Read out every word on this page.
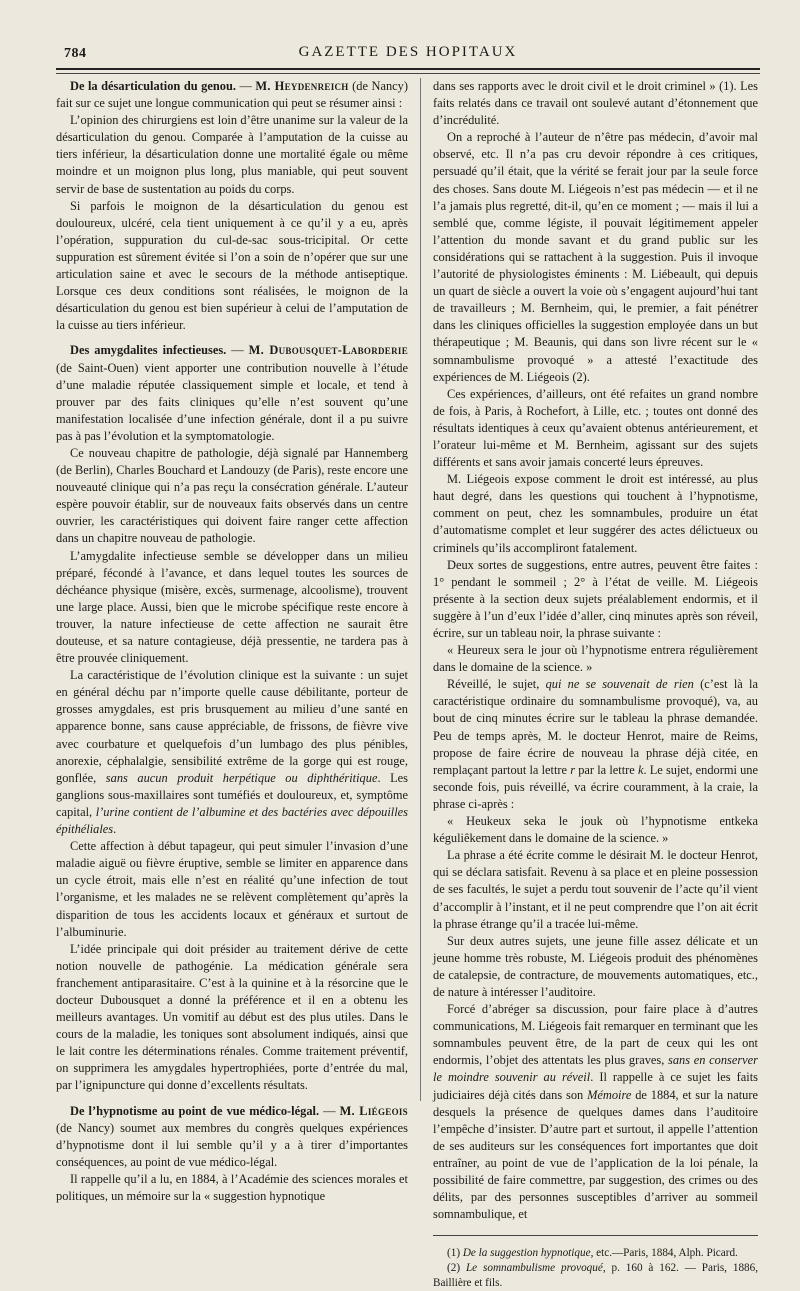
784	GAZETTE DES HOPITAUX

De la désarticulation du genou. — M. Heydenreich (de Nancy) fait sur ce sujet une longue communication qui peut se résumer ainsi :

L’opinion des chirurgiens est loin d’être unanime sur la valeur de la désarticulation du genou. Comparée à l’amputation de la cuisse au tiers inférieur, la désarticulation donne une mortalité égale ou même moindre et un moignon plus long, plus maniable, qui peut souvent servir de base de sustentation au poids du corps.

Si parfois le moignon de la désarticulation du genou est douloureux, ulcéré, cela tient uniquement à ce qu’il y a eu, après l’opération, suppuration du cul-de-sac sous-tricipital. Or cette suppuration est sûrement évitée si l’on a soin de n’opérer que sur une articulation saine et avec le secours de la méthode antiseptique. Lorsque ces deux conditions sont réalisées, le moignon de la désarticulation du genou est bien supérieur à celui de l’amputation de la cuisse au tiers inférieur.

Des amygdalites infectieuses. — M. Dubousquet-Laborderie (de Saint-Ouen) vient apporter une contribution nouvelle à l’étude d’une maladie réputée classiquement simple et locale, et tend à prouver par des faits cliniques qu’elle n’est souvent qu’une manifestation localisée d’une infection générale, dont il a pu suivre pas à pas l’évolution et la symptomatologie.

Ce nouveau chapitre de pathologie, déjà signalé par Hannemberg (de Berlin), Charles Bouchard et Landouzy (de Paris), reste encore une nouveauté clinique qui n’a pas reçu la consécration générale. L’auteur espère pouvoir établir, sur de nouveaux faits observés dans un centre ouvrier, les caractéristiques qui doivent faire ranger cette affection dans un chapitre nouveau de pathologie.

L’amygdalite infectieuse semble se développer dans un milieu préparé, fécondé à l’avance, et dans lequel toutes les sources de déchéance physique (misère, excès, surmenage, alcoolisme), trouvent une large place. Aussi, bien que le microbe spécifique reste encore à trouver, la nature infectieuse de cette affection ne saurait être douteuse, et sa nature contagieuse, déjà pressentie, ne tardera pas à être prouvée cliniquement.

La caractéristique de l’évolution clinique est la suivante : un sujet en général déchu par n’importe quelle cause débilitante, porteur de grosses amygdales, est pris brusquement au milieu d’une santé en apparence bonne, sans cause appréciable, de frissons, de fièvre vive avec courbature et quelquefois d’un lumbago des plus pénibles, anorexie, céphalalgie, sensibilité extrême de la gorge qui est rouge, gonflée, sans aucun produit herpétique ou diphthéritique. Les ganglions sous-maxillaires sont tuméfiés et douloureux, et, symptôme capital, l’urine contient de l’albumine et des bactéries avec dépouilles épithéliales.

Cette affection à début tapageur, qui peut simuler l’invasion d’une maladie aiguë ou fièvre éruptive, semble se limiter en apparence dans un cycle étroit, mais elle n’est en réalité qu’une infection de tout l’organisme, et les malades ne se relèvent complètement qu’après la disparition de tous les accidents locaux et généraux et surtout de l’albuminurie.

L’idée principale qui doit présider au traitement dérive de cette notion nouvelle de pathogénie. La médication générale sera franchement antiparasitaire. C’est à la quinine et à la résorcine que le docteur Dubousquet a donné la préférence et il en a obtenu les meilleurs avantages. Un vomitif au début est des plus utiles. Dans le cours de la maladie, les toniques sont absolument indiqués, ainsi que le lait contre les déterminations rénales. Comme traitement préventif, on supprimera les amygdales hypertrophiées, porte d’entrée du mal, par l’ignipuncture qui donne d’excellents résultats.

De l’hypnotisme au point de vue médico-légal. — M. Liégeois (de Nancy) soumet aux membres du congrès quelques expériences d’hypnotisme dont il lui semble qu’il y a à tirer d’importantes conséquences, au point de vue médico-légal.

Il rappelle qu’il a lu, en 1884, à l’Académie des sciences morales et politiques, un mémoire sur la « suggestion hypnotique

dans ses rapports avec le droit civil et le droit criminel » (1). Les faits relatés dans ce travail ont soulevé autant d’étonnement que d’incrédulité.

On a reproché à l’auteur de n’être pas médecin, d’avoir mal observé, etc. Il n’a pas cru devoir répondre à ces critiques, persuadé qu’il était, que la vérité se ferait jour par la seule force des choses. Sans doute M. Liégeois n’est pas médecin — et il ne l’a jamais plus regretté, dit-il, qu’en ce moment ; — mais il lui a semblé que, comme légiste, il pouvait légitimement appeler l’attention du monde savant et du grand public sur les considérations qui se rattachent à la suggestion. Puis il invoque l’autorité de physiologistes éminents : M. Liébeault, qui depuis un quart de siècle a ouvert la voie où s’engagent aujourd’hui tant de travailleurs ; M. Bernheim, qui, le premier, a fait pénétrer dans les cliniques officielles la suggestion employée dans un but thérapeutique ; M. Beaunis, qui dans son livre récent sur le « somnambulisme provoqué » a attesté l’exactitude des expériences de M. Liégeois (2).

Ces expériences, d’ailleurs, ont été refaites un grand nombre de fois, à Paris, à Rochefort, à Lille, etc. ; toutes ont donné des résultats identiques à ceux qu’avaient obtenus antérieurement, et l’orateur lui-même et M. Bernheim, agissant sur des sujets différents et sans avoir jamais concerté leurs épreuves.

M. Liégeois expose comment le droit est intéressé, au plus haut degré, dans les questions qui touchent à l’hypnotisme, comment on peut, chez les somnambules, produire un état d’automatisme complet et leur suggérer des actes délictueux ou criminels qu’ils accompliront fatalement.

Deux sortes de suggestions, entre autres, peuvent être faites : 1° pendant le sommeil ; 2° à l’état de veille. M. Liégeois présente à la section deux sujets préalablement endormis, et il suggère à l’un d’eux l’idée d’aller, cinq minutes après son réveil, écrire, sur un tableau noir, la phrase suivante :

« Heureux sera le jour où l’hypnotisme entrera régulièrement dans le domaine de la science. »

Réveillé, le sujet, qui ne se souvenait de rien (c’est là la caractéristique ordinaire du somnambulisme provoqué), va, au bout de cinq minutes écrire sur le tableau la phrase demandée. Peu de temps après, M. le docteur Henrot, maire de Reims, propose de faire écrire de nouveau la phrase déjà citée, en remplaçant partout la lettre r par la lettre k. Le sujet, endormi une seconde fois, puis réveillé, va écrire couramment, à la craie, la phrase ci-après :

« Heukeux seka le jouk où l’hypnotisme entkeka kéguliêkement dans le domaine de la science. »

La phrase a été écrite comme le désirait M. le docteur Henrot, qui se déclara satisfait. Revenu à sa place et en pleine possession de ses facultés, le sujet a perdu tout souvenir de l’acte qu’il vient d’accomplir à l’instant, et il ne peut comprendre que l’on ait écrit la phrase étrange qu’il a tracée lui-même.

Sur deux autres sujets, une jeune fille assez délicate et un jeune homme très robuste, M. Liégeois produit des phénomènes de catalepsie, de contracture, de mouvements automatiques, etc., de nature à intéresser l’auditoire.

Forcé d’abréger sa discussion, pour faire place à d’autres communications, M. Liégeois fait remarquer en terminant que les somnambules peuvent être, de la part de ceux qui les ont endormis, l’objet des attentats les plus graves, sans en conserver le moindre souvenir au réveil. Il rappelle à ce sujet les faits judiciaires déjà cités dans son Mémoire de 1884, et sur la nature desquels la présence de quelques dames dans l’auditoire l’empêche d’insister. D’autre part et surtout, il appelle l’attention de ses auditeurs sur les conséquences fort importantes que doit entraîner, au point de vue de l’application de la loi pénale, la possibilité de faire commettre, par suggestion, des crimes ou des délits, par des personnes susceptibles d’arriver au sommeil somnambulique, et

(1) De la suggestion hypnotique, etc.—Paris, 1884, Alph. Picard.

(2) Le somnambulisme provoqué, p. 160 à 162. — Paris, 1886, Baillière et fils.
